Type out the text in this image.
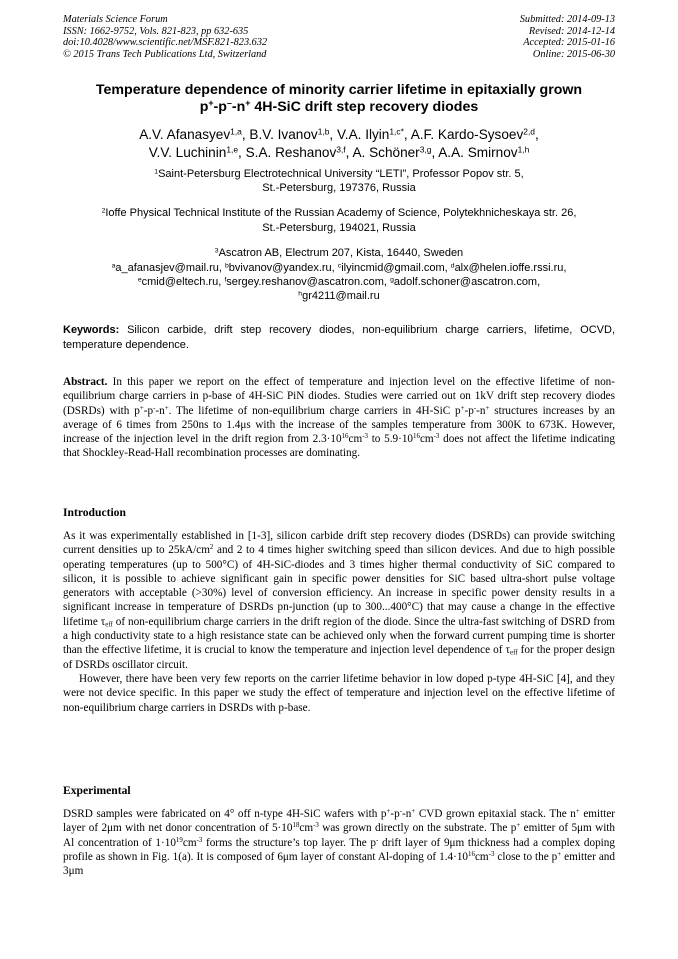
Materials Science Forum
ISSN: 1662-9752, Vols. 821-823, pp 632-635
doi:10.4028/www.scientific.net/MSF.821-823.632
© 2015 Trans Tech Publications Ltd, Switzerland
Submitted: 2014-09-13
Revised: 2014-12-14
Accepted: 2015-01-16
Online: 2015-06-30
Temperature dependence of minority carrier lifetime in epitaxially grown
p+-p–-n+ 4H-SiC drift step recovery diodes
A.V. Afanasyev$^{1,a}$, B.V. Ivanov$^{1,b}$, V.A. Ilyin$^{1,c*}$, A.F. Kardo-Sysoev$^{2,d}$,
V.V. Luchinin$^{1,e}$, S.A. Reshanov$^{3,f}$, A. Schöner$^{3,g}$, A.A. Smirnov$^{1,h}$

$^1$Saint-Petersburg Electrotechnical University “LETI”, Professor Popov str. 5,
St.-Petersburg, 197376, Russia

$^2$Ioffe Physical Technical Institute of the Russian Academy of Science, Polytekhnicheskaya str. 26,
St.-Petersburg, 194021, Russia

$^3$Ascatron AB, Electrum 207, Kista, 16440, Sweden

$^a$a_afanasjev@mail.ru, $^b$bvivanov@yandex.ru, $^c$ilyincmid@gmail.com, $^d$alx@helen.ioffe.rssi.ru,
$^e$cmid@eltech.ru, $^f$sergey.reshanov@ascatron.com, $^g$adolf.schoner@ascatron.com,
$^h$gr4211@mail.ru
Keywords: Silicon carbide, drift step recovery diodes, non-equilibrium charge carriers, lifetime, OCVD, temperature dependence.
Abstract. In this paper we report on the effect of temperature and injection level on the effective lifetime of non-equilibrium charge carriers in p-base of 4H-SiC PiN diodes. Studies were carried out on 1kV drift step recovery diodes (DSRDs) with p+-p--n+. The lifetime of non-equilibrium charge carriers in 4H-SiC p+-p--n+ structures increases by an average of 6 times from 250ns to 1.4μs with the increase of the samples temperature from 300K to 673K. However, increase of the injection level in the drift region from $2.3\cdot 10^{16}cm^{-3}$ to $5.9\cdot 10^{16}cm^{-3}$ does not affect the lifetime indicating that Shockley-Read-Hall recombination processes are dominating.
Introduction

As it was experimentally established in [1-3], silicon carbide drift step recovery diodes (DSRDs) can provide switching current densities up to $25kA/cm^2$ and 2 to 4 times higher switching speed than silicon devices. And due to high possible operating temperatures (up to 500°C) of 4H-SiC-diodes and 3 times higher thermal conductivity of SiC compared to silicon, it is possible to achieve significant gain in specific power densities for SiC based ultra-short pulse voltage generators with acceptable (>30%) level of conversion efficiency. An increase in specific power density results in a significant increase in temperature of DSRDs pn-junction (up to 300...400°C) that may cause a change in the effective lifetime $\tau_{eff}$ of non-equilibrium charge carriers in the drift region of the diode. Since the ultra-fast switching of DSRD from a high conductivity state to a high resistance state can be achieved only when the forward current pumping time is shorter than the effective lifetime, it is crucial to know the temperature and injection level dependence of $\tau_{eff}$ for the proper design of DSRDs oscillator circuit.

However, there have been very few reports on the carrier lifetime behavior in low doped p-type 4H-SiC [4], and they were not device specific. In this paper we study the effect of temperature and injection level on the effective lifetime of non-equilibrium charge carriers in DSRDs with p-base.

Experimental

DSRD samples were fabricated on 4° off n-type 4H-SiC wafers with p+-p--n+ CVD grown epitaxial stack. The n+ emitter layer of 2μm with net donor concentration of $5\cdot 10^{18}cm^{-3}$ was grown directly on the substrate. The p+ emitter of 5μm with Al concentration of $1\cdot 10^{19}cm^{-3}$ forms the structure’s top layer. The p- drift layer of 9μm thickness had a complex doping profile as shown in Fig. 1(a). It is composed of 6μm layer of constant Al-doping of $1.4\cdot 10^{16}cm^{-3}$ close to the p+ emitter and 3μm
